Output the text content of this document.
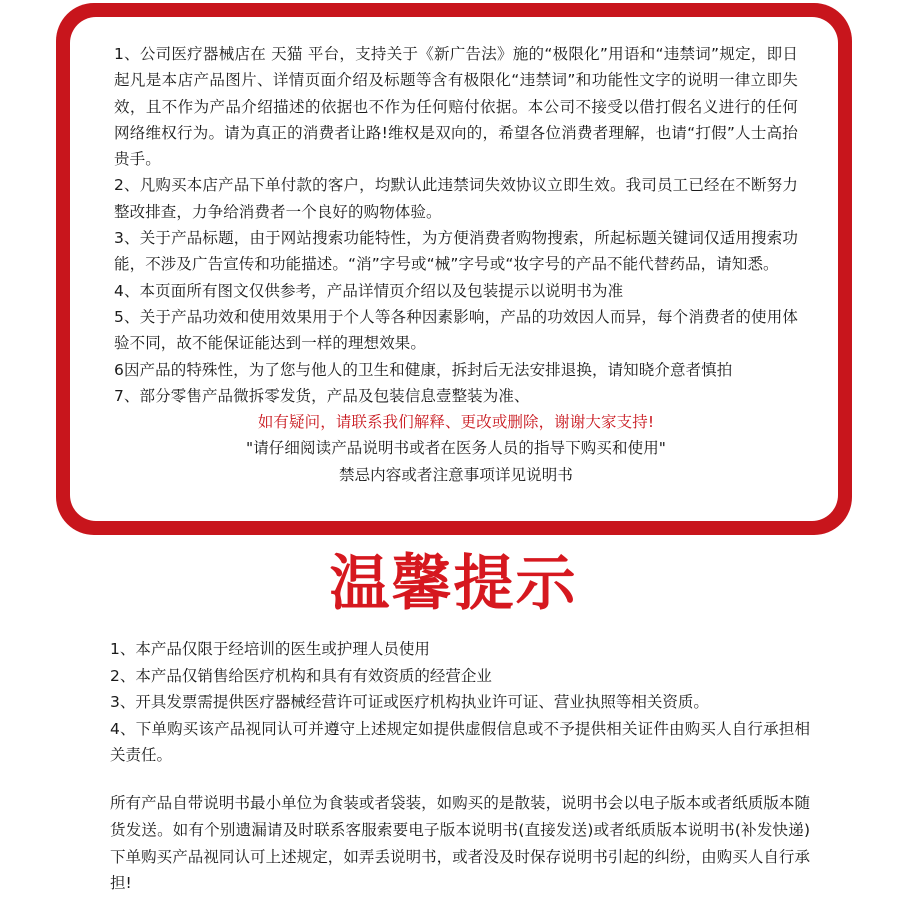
1、公司医疗器械店在 天猫 平台，支持关于《新广告法》施的“极限化”用语和“违禁词”规定，即日起凡是本店产品图片、详情页面介绍及标题等含有极限化“违禁词”和功能性文字的说明一律立即失效，且不作为产品介绍描述的依据也不作为任何赔付依据。本公司不接受以借打假名义进行的任何网络维权行为。请为真正的消费者让路!维权是双向的，希望各位消费者理解，也请“打假”人士高抬贵手。

2、凡购买本店产品下单付款的客户，均默认此违禁词失效协议立即生效。我司员工已经在不断努力整改排查，力争给消费者一个良好的购物体验。

3、关于产品标题，由于网站搜索功能特性，为方便消费者购物搜索，所起标题关键词仅适用搜索功能，不涉及广告宣传和功能描述。“消”字号或“械”字号或“妆字号的产品不能代替药品，请知悉。

4、本页面所有图文仅供参考，产品详情页介绍以及包装提示以说明书为准

5、关于产品功效和使用效果用于个人等各种因素影响，产品的功效因人而异，每个消费者的使用体验不同，故不能保证能达到一样的理想效果。

6因产品的特殊性，为了您与他人的卫生和健康，拆封后无法安排退换，请知晓介意者慎拍

7、部分零售产品微拆零发货，产品及包装信息壹整装为准、

如有疑问，请联系我们解释、更改或删除，谢谢大家支持!

"请仔细阅读产品说明书或者在医务人员的指导下购买和使用"

禁忌内容或者注意事项详见说明书

温馨提示

1、本产品仅限于经培训的医生或护理人员使用

2、本产品仅销售给医疗机构和具有有效资质的经营企业

3、开具发票需提供医疗器械经营许可证或医疗机构执业许可证、营业执照等相关资质。

4、下单购买该产品视同认可并遵守上述规定如提供虚假信息或不予提供相关证件由购买人自行承担相关责任。

所有产品自带说明书最小单位为食装或者袋装，如购买的是散装，说明书会以电子版本或者纸质版本随货发送。如有个别遗漏请及时联系客服索要电子版本说明书(直接发送)或者纸质版本说明书(补发快递)下单购买产品视同认可上述规定，如弄丢说明书，或者没及时保存说明书引起的纠纷，由购买人自行承担!
